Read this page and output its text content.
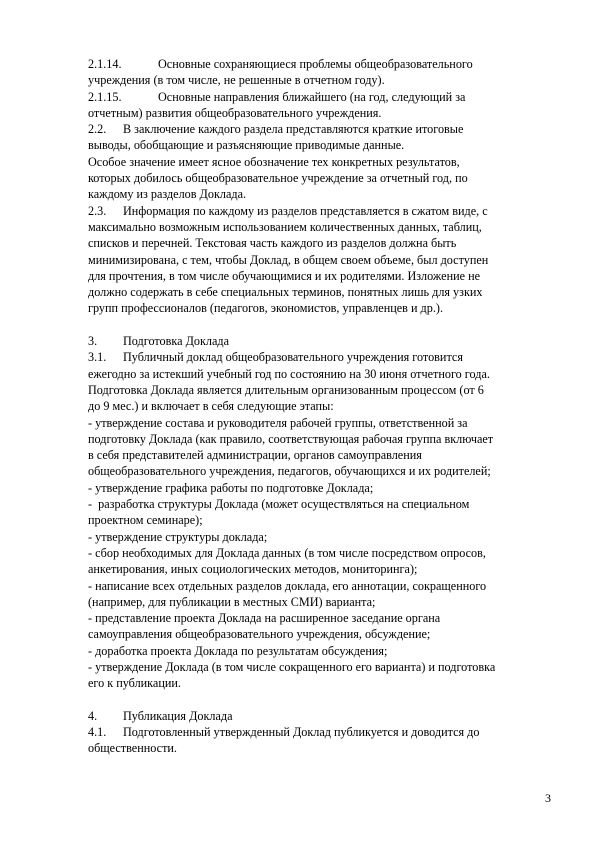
2.1.14.	Основные сохраняющиеся проблемы общеобразовательного
учреждения (в том числе, не решенные в отчетном году).
2.1.15.	Основные направления ближайшего (на год, следующий за
отчетным) развития общеобразовательного учреждения.
2.2. В заключение каждого раздела представляются краткие итоговые
выводы, обобщающие и разъясняющие приводимые данные.
Особое значение имеет ясное обозначение тех конкретных результатов,
которых добилось общеобразовательное учреждение за отчетный год, по
каждому из разделов Доклада.
2.3. Информация по каждому из разделов представляется в сжатом виде, с
максимально возможным использованием количественных данных, таблиц,
списков и перечней. Текстовая часть каждого из разделов должна быть
минимизирована, с тем, чтобы Доклад, в общем своем объеме, был доступен
для прочтения, в том числе обучающимися и их родителями. Изложение не
должно содержать в себе специальных терминов, понятных лишь для узких
групп профессионалов (педагогов, экономистов, управленцев и др.).
3. Подготовка Доклада
3.1. Публичный доклад общеобразовательного учреждения готовится
ежегодно за истекший учебный год по состоянию на 30 июня отчетного года.
Подготовка Доклада является длительным организованным процессом (от 6
до 9 мес.) и включает в себя следующие этапы:
- утверждение состава и руководителя рабочей группы, ответственной за
подготовку Доклада (как правило, соответствующая рабочая группа включает
в себя представителей администрации, органов самоуправления
общеобразовательного учреждения, педагогов, обучающихся и их родителей;
- утверждение графика работы по подготовке Доклада;
-  разработка структуры Доклада (может осуществляться на специальном
проектном семинаре);
- утверждение структуры доклада;
- сбор необходимых для Доклада данных (в том числе посредством опросов,
анкетирования, иных социологических методов, мониторинга);
- написание всех отдельных разделов доклада, его аннотации, сокращенного
(например, для публикации в местных СМИ) варианта;
- представление проекта Доклада на расширенное заседание органа
самоуправления общеобразовательного учреждения, обсуждение;
- доработка проекта Доклада по результатам обсуждения;
- утверждение Доклада (в том числе сокращенного его варианта) и подготовка
его к публикации.
4. Публикация Доклада
4.1. Подготовленный утвержденный Доклад публикуется и доводится до
общественности.
3
